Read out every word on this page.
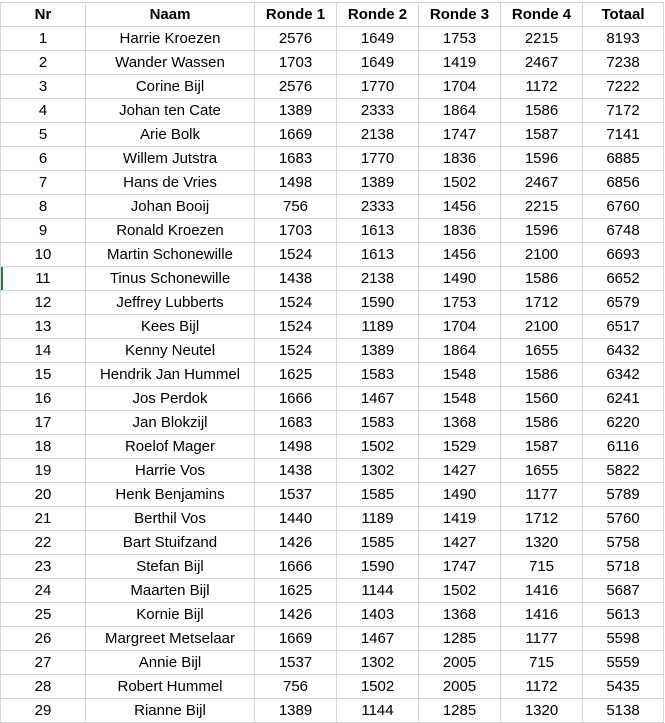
Nr	Naam	Ronde 1	Ronde 2	Ronde 3	Ronde 4	Totaal
1	Harrie Kroezen	2576	1649	1753	2215	8193
2	Wander Wassen	1703	1649	1419	2467	7238
3	Corine Bijl	2576	1770	1704	1172	7222
4	Johan ten Cate	1389	2333	1864	1586	7172
5	Arie Bolk	1669	2138	1747	1587	7141
6	Willem Jutstra	1683	1770	1836	1596	6885
7	Hans de Vries	1498	1389	1502	2467	6856
8	Johan Booij	756	2333	1456	2215	6760
9	Ronald Kroezen	1703	1613	1836	1596	6748
10	Martin Schonewille	1524	1613	1456	2100	6693
11	Tinus Schonewille	1438	2138	1490	1586	6652
12	Jeffrey Lubberts	1524	1590	1753	1712	6579
13	Kees Bijl	1524	1189	1704	2100	6517
14	Kenny Neutel	1524	1389	1864	1655	6432
15	Hendrik Jan Hummel	1625	1583	1548	1586	6342
16	Jos Perdok	1666	1467	1548	1560	6241
17	Jan Blokzijl	1683	1583	1368	1586	6220
18	Roelof Mager	1498	1502	1529	1587	6116
19	Harrie Vos	1438	1302	1427	1655	5822
20	Henk Benjamins	1537	1585	1490	1177	5789
21	Berthil Vos	1440	1189	1419	1712	5760
22	Bart Stuifzand	1426	1585	1427	1320	5758
23	Stefan Bijl	1666	1590	1747	715	5718
24	Maarten Bijl	1625	1144	1502	1416	5687
25	Kornie Bijl	1426	1403	1368	1416	5613
26	Margreet Metselaar	1669	1467	1285	1177	5598
27	Annie Bijl	1537	1302	2005	715	5559
28	Robert Hummel	756	1502	2005	1172	5435
29	Rianne Bijl	1389	1144	1285	1320	5138
